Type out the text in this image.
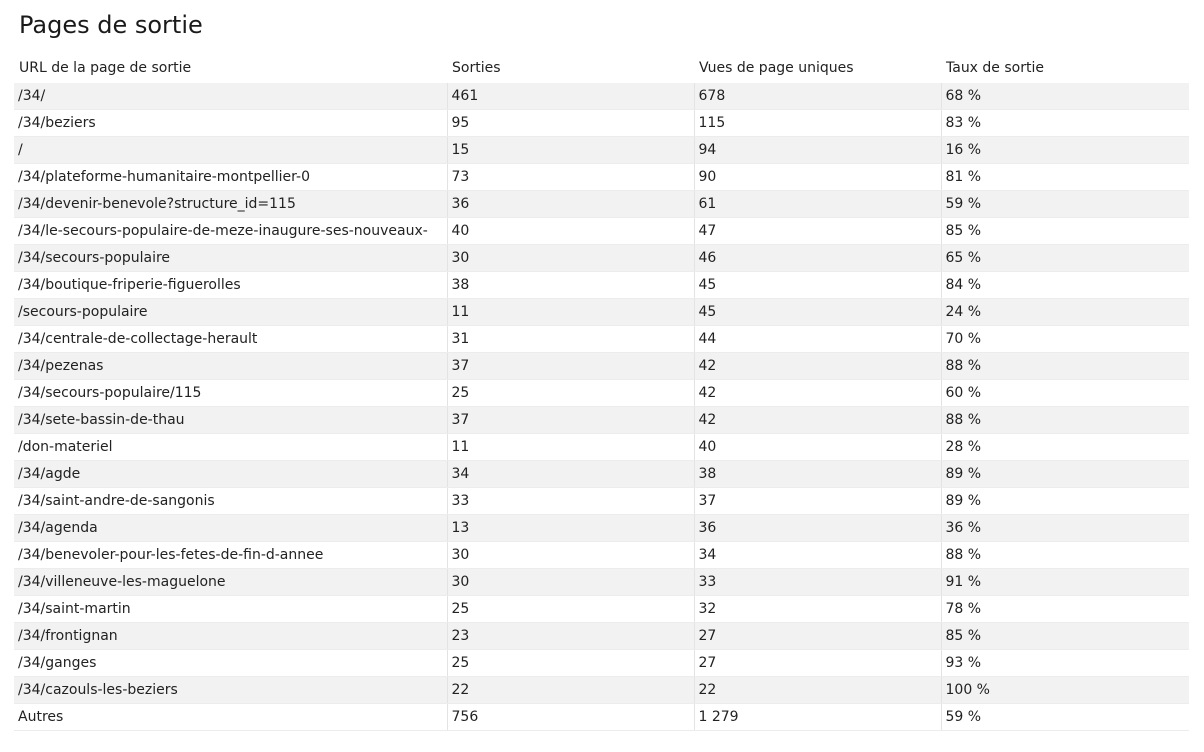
Pages de sortie
URL de la page de sortie	Sorties	Vues de page uniques	Taux de sortie
/34/	461	678	68 %
/34/beziers	95	115	83 %
/	15	94	16 %
/34/plateforme-humanitaire-montpellier-0	73	90	81 %
/34/devenir-benevole?structure_id=115	36	61	59 %
/34/le-secours-populaire-de-meze-inaugure-ses-nouveaux-	40	47	85 %
/34/secours-populaire	30	46	65 %
/34/boutique-friperie-figuerolles	38	45	84 %
/secours-populaire	11	45	24 %
/34/centrale-de-collectage-herault	31	44	70 %
/34/pezenas	37	42	88 %
/34/secours-populaire/115	25	42	60 %
/34/sete-bassin-de-thau	37	42	88 %
/don-materiel	11	40	28 %
/34/agde	34	38	89 %
/34/saint-andre-de-sangonis	33	37	89 %
/34/agenda	13	36	36 %
/34/benevoler-pour-les-fetes-de-fin-d-annee	30	34	88 %
/34/villeneuve-les-maguelone	30	33	91 %
/34/saint-martin	25	32	78 %
/34/frontignan	23	27	85 %
/34/ganges	25	27	93 %
/34/cazouls-les-beziers	22	22	100 %
Autres	756	1 279	59 %
